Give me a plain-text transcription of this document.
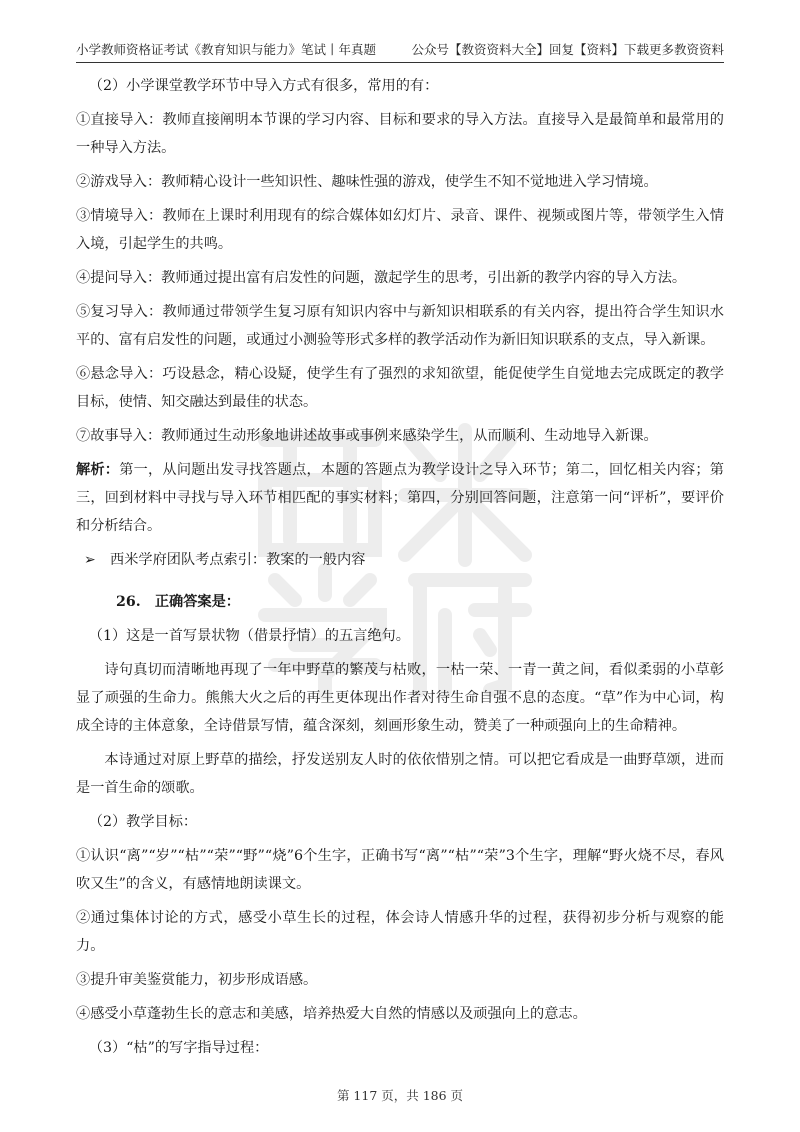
小学教师资格证考试《教育知识与能力》笔试丨年真题	公众号【教资资料大全】回复【资料】下载更多教资资料

（2）小学课堂教学环节中导入方式有很多，常用的有：

①直接导入：教师直接阐明本节课的学习内容、目标和要求的导入方法。直接导入是最简单和最常用的一种导入方法。

②游戏导入：教师精心设计一些知识性、趣味性强的游戏，使学生不知不觉地进入学习情境。

③情境导入：教师在上课时利用现有的综合媒体如幻灯片、录音、课件、视频或图片等，带领学生入情入境，引起学生的共鸣。

④提问导入：教师通过提出富有启发性的问题，激起学生的思考，引出新的教学内容的导入方法。

⑤复习导入：教师通过带领学生复习原有知识内容中与新知识相联系的有关内容，提出符合学生知识水平的、富有启发性的问题，或通过小测验等形式多样的教学活动作为新旧知识联系的支点，导入新课。

⑥悬念导入：巧设悬念，精心设疑，使学生有了强烈的求知欲望，能促使学生自觉地去完成既定的教学目标，使情、知交融达到最佳的状态。

⑦故事导入：教师通过生动形象地讲述故事或事例来感染学生，从而顺利、生动地导入新课。

解析：第一，从问题出发寻找答题点，本题的答题点为教学设计之导入环节；第二，回忆相关内容；第三，回到材料中寻找与导入环节相匹配的事实材料；第四，分别回答问题，注意第一问“评析”，要评价和分析结合。

➢ 西米学府团队考点索引：教案的一般内容

26.　正确答案是：

（1）这是一首写景状物（借景抒情）的五言绝句。

诗句真切而清晰地再现了一年中野草的繁茂与枯败，一枯一荣、一青一黄之间，看似柔弱的小草彰显了顽强的生命力。熊熊大火之后的再生更体现出作者对待生命自强不息的态度。“草”作为中心词，构成全诗的主体意象，全诗借景写情，蕴含深刻，刻画形象生动，赞美了一种顽强向上的生命精神。

本诗通过对原上野草的描绘，抒发送别友人时的依依惜别之情。可以把它看成是一曲野草颂，进而是一首生命的颂歌。

（2）教学目标：

①认识“离”“岁”“枯”“荣”“野”“烧”6个生字，正确书写“离”“枯”“荣”3个生字，理解“野火烧不尽，春风吹又生”的含义，有感情地朗读课文。

②通过集体讨论的方式，感受小草生长的过程，体会诗人情感升华的过程，获得初步分析与观察的能力。

③提升审美鉴赏能力，初步形成语感。

④感受小草蓬勃生长的意志和美感，培养热爱大自然的情感以及顽强向上的意志。

（3）“枯”的写字指导过程：

第 117 页，共 186 页
